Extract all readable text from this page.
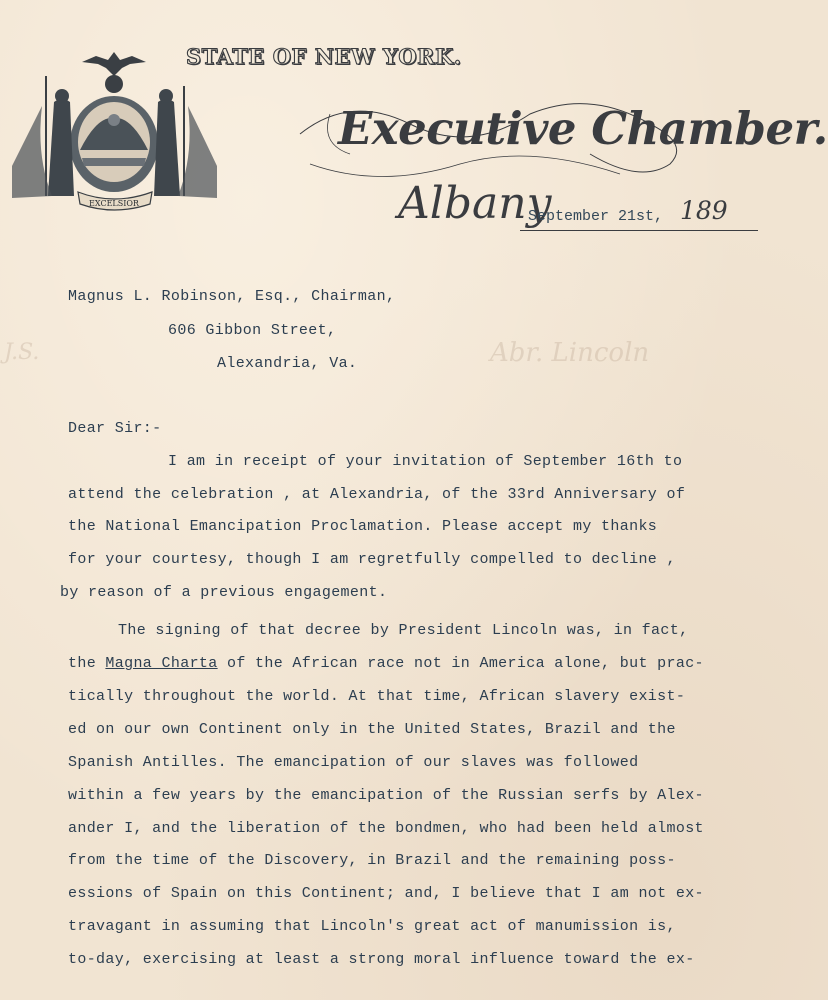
EXCELSIOR
STATE OF NEW YORK.
Executive Chamber.
Albany
September 21st, 189
J.S.	Abr. Lincoln
Magnus L. Robinson, Esq., Chairman,
606 Gibbon Street,
Alexandria, Va.
Dear Sir:-
I am in receipt of your invitation of September 16th to
attend the celebration , at Alexandria, of the 33rd Anniversary of
the National Emancipation Proclamation. Please accept my thanks
for your courtesy, though I am regretfully compelled to decline ,
by reason of a previous engagement.
The signing of that decree by President Lincoln was, in fact,
the Magna Charta of the African race not in America alone, but prac-
tically throughout the world. At that time, African slavery exist-
ed on our own Continent only in the United States, Brazil and the
Spanish Antilles. The emancipation of our slaves was followed
within a few years by the emancipation of the Russian serfs by Alex-
ander I, and the liberation of the bondmen, who had been held almost
from the time of the Discovery, in Brazil and the remaining poss-
essions of Spain on this Continent; and, I believe that I am not ex-
travagant in assuming that Lincoln's great act of manumission is,
to-day, exercising at least a strong moral influence toward the ex-
